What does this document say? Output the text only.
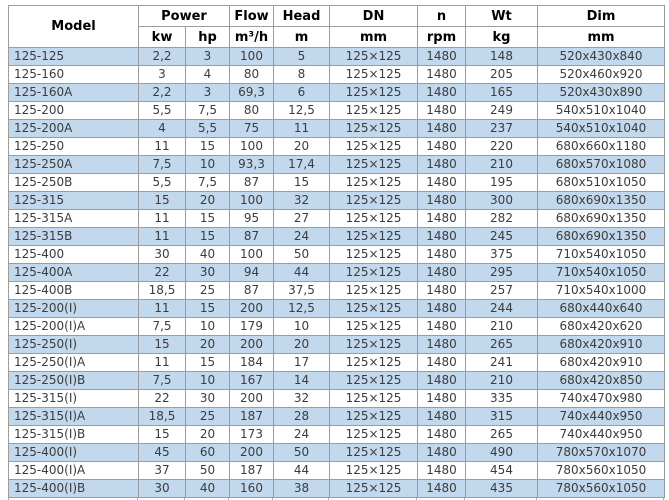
Model	Power		Flow	Head	DN	n	Wt	Dim
	kw	hp	m³/h	m	mm	rpm	kg	mm
125-125	2,2	3	100	5	125×125	1480	148	520x430x840
125-160	3	4	80	8	125×125	1480	205	520x460x920
125-160A	2,2	3	69,3	6	125×125	1480	165	520x430x890
125-200	5,5	7,5	80	12,5	125×125	1480	249	540x510x1040
125-200A	4	5,5	75	11	125×125	1480	237	540x510x1040
125-250	11	15	100	20	125×125	1480	220	680x660x1180
125-250A	7,5	10	93,3	17,4	125×125	1480	210	680x570x1080
125-250B	5,5	7,5	87	15	125×125	1480	195	680x510x1050
125-315	15	20	100	32	125×125	1480	300	680x690x1350
125-315A	11	15	95	27	125×125	1480	282	680x690x1350
125-315B	11	15	87	24	125×125	1480	245	680x690x1350
125-400	30	40	100	50	125×125	1480	375	710x540x1050
125-400A	22	30	94	44	125×125	1480	295	710x540x1050
125-400B	18,5	25	87	37,5	125×125	1480	257	710x540x1000
125-200(I)	11	15	200	12,5	125×125	1480	244	680x440x640
125-200(I)A	7,5	10	179	10	125×125	1480	210	680x420x620
125-250(I)	15	20	200	20	125×125	1480	265	680x420x910
125-250(I)A	11	15	184	17	125×125	1480	241	680x420x910
125-250(I)B	7,5	10	167	14	125×125	1480	210	680x420x850
125-315(I)	22	30	200	32	125×125	1480	335	740x470x980
125-315(I)A	18,5	25	187	28	125×125	1480	315	740x440x950
125-315(I)B	15	20	173	24	125×125	1480	265	740x440x950
125-400(I)	45	60	200	50	125×125	1480	490	780x570x1070
125-400(I)A	37	50	187	44	125×125	1480	454	780x560x1050
125-400(I)B	30	40	160	38	125×125	1480	435	780x560x1050
